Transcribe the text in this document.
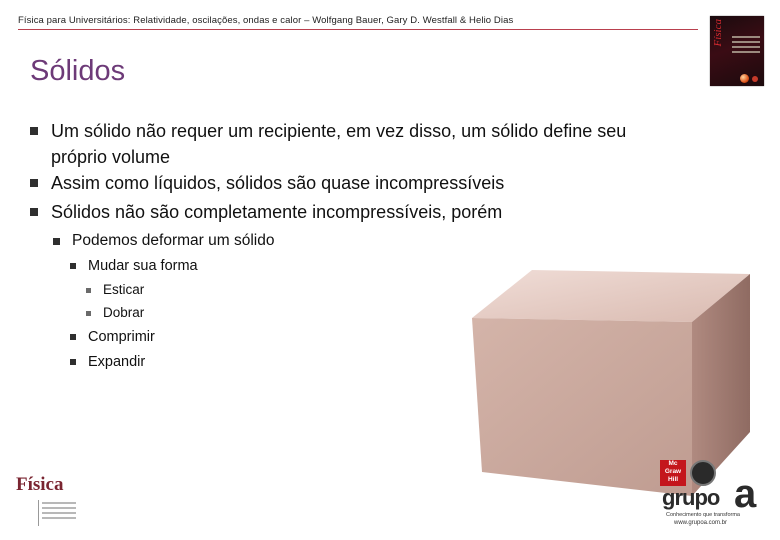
Física para Universitários: Relatividade, oscilações, ondas e calor – Wolfgang Bauer, Gary D. Westfall & Helio Dias	Física
Sólidos
Um sólido não requer um recipiente, em vez disso, um sólido define seu
próprio volume
Assim como líquidos, sólidos são quase incompressíveis
Sólidos não são completamente incompressíveis, porém
Podemos deformar um sólido
Mudar sua forma
Esticar
Dobrar
Comprimir
Expandir
Física
Mc
Graw
Hill
grupo a
Conhecimento que transforma
www.grupoa.com.br
